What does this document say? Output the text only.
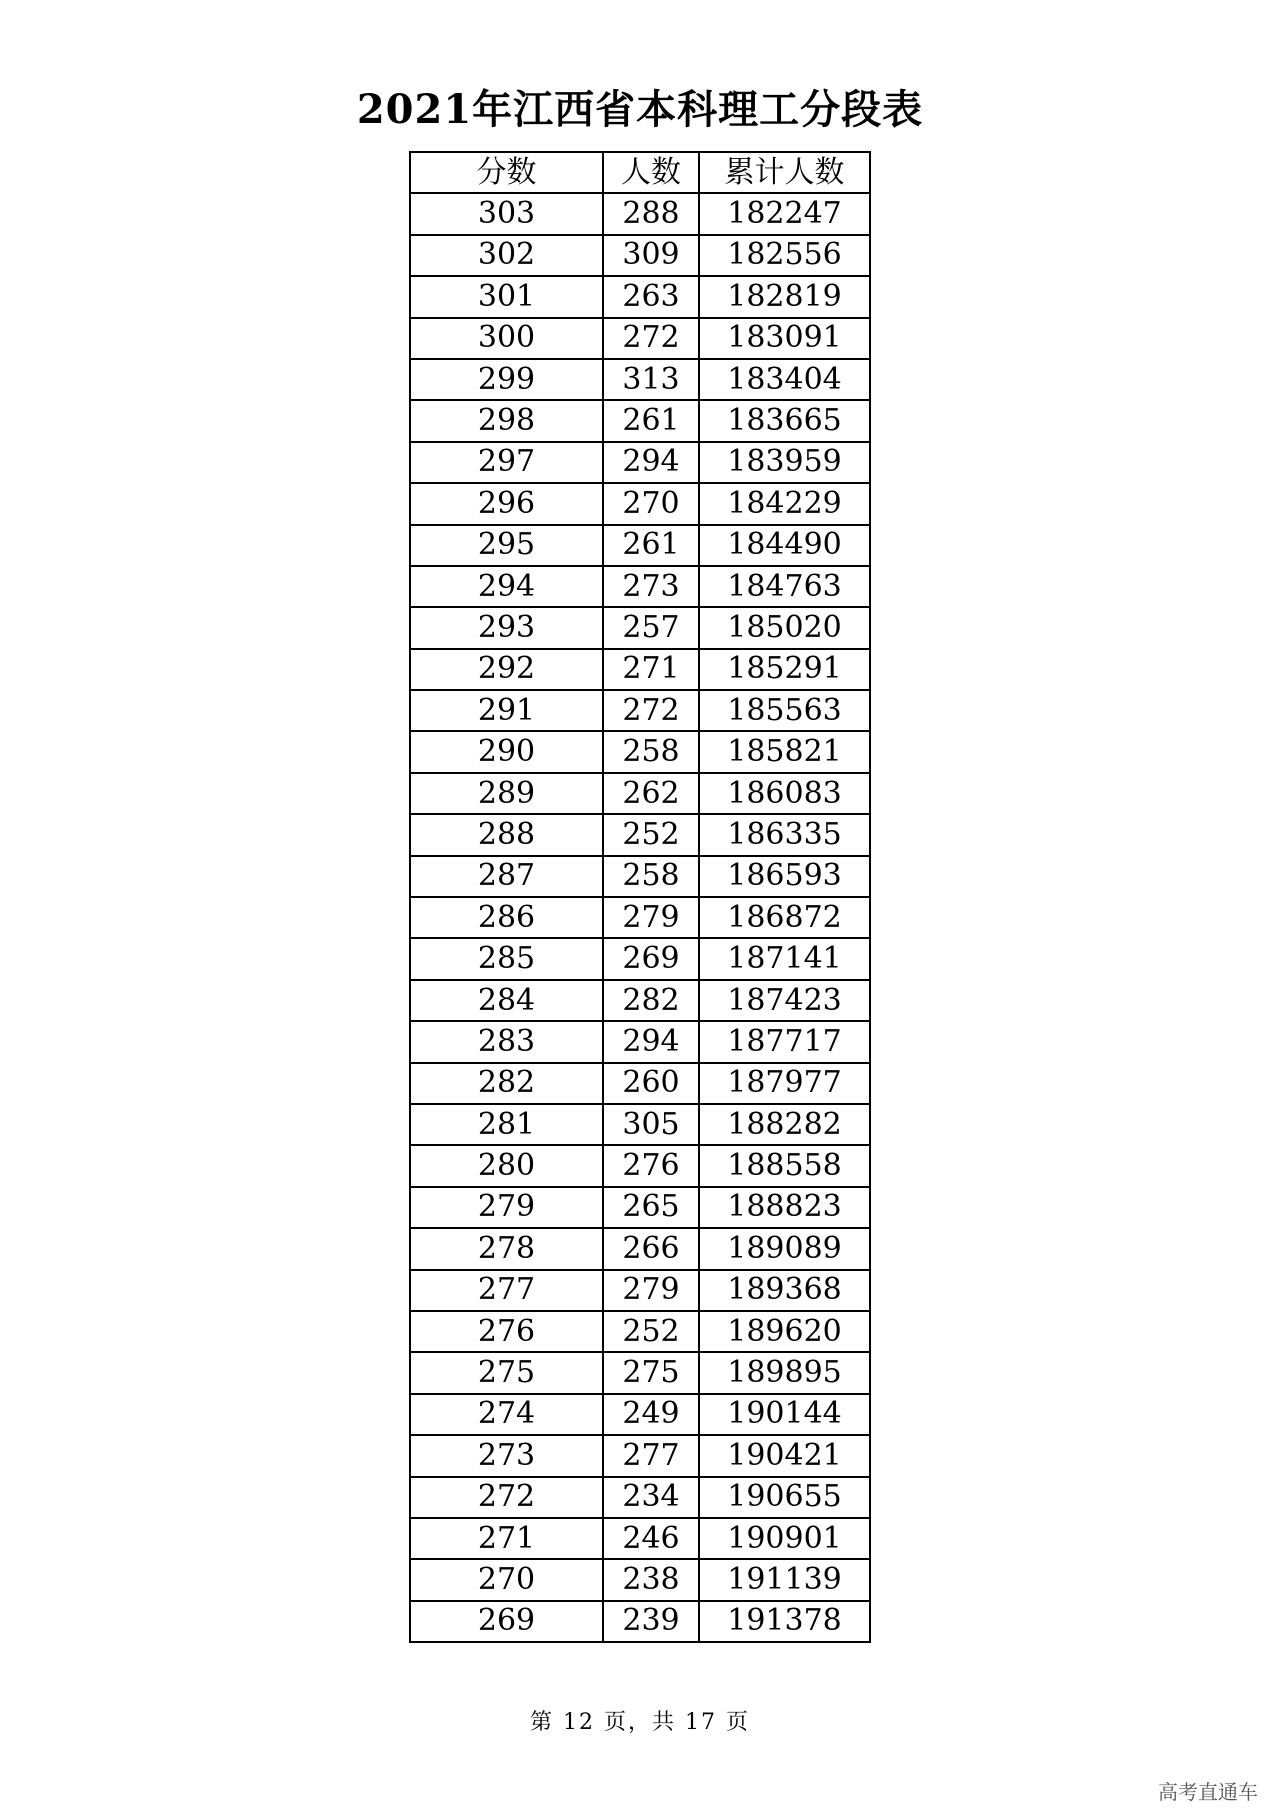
2021年江西省本科理工分段表
分数	人数	累计人数
303	288	182247
302	309	182556
301	263	182819
300	272	183091
299	313	183404
298	261	183665
297	294	183959
296	270	184229
295	261	184490
294	273	184763
293	257	185020
292	271	185291
291	272	185563
290	258	185821
289	262	186083
288	252	186335
287	258	186593
286	279	186872
285	269	187141
284	282	187423
283	294	187717
282	260	187977
281	305	188282
280	276	188558
279	265	188823
278	266	189089
277	279	189368
276	252	189620
275	275	189895
274	249	190144
273	277	190421
272	234	190655
271	246	190901
270	238	191139
269	239	191378
第 12 页，共 17 页
高考直通车
